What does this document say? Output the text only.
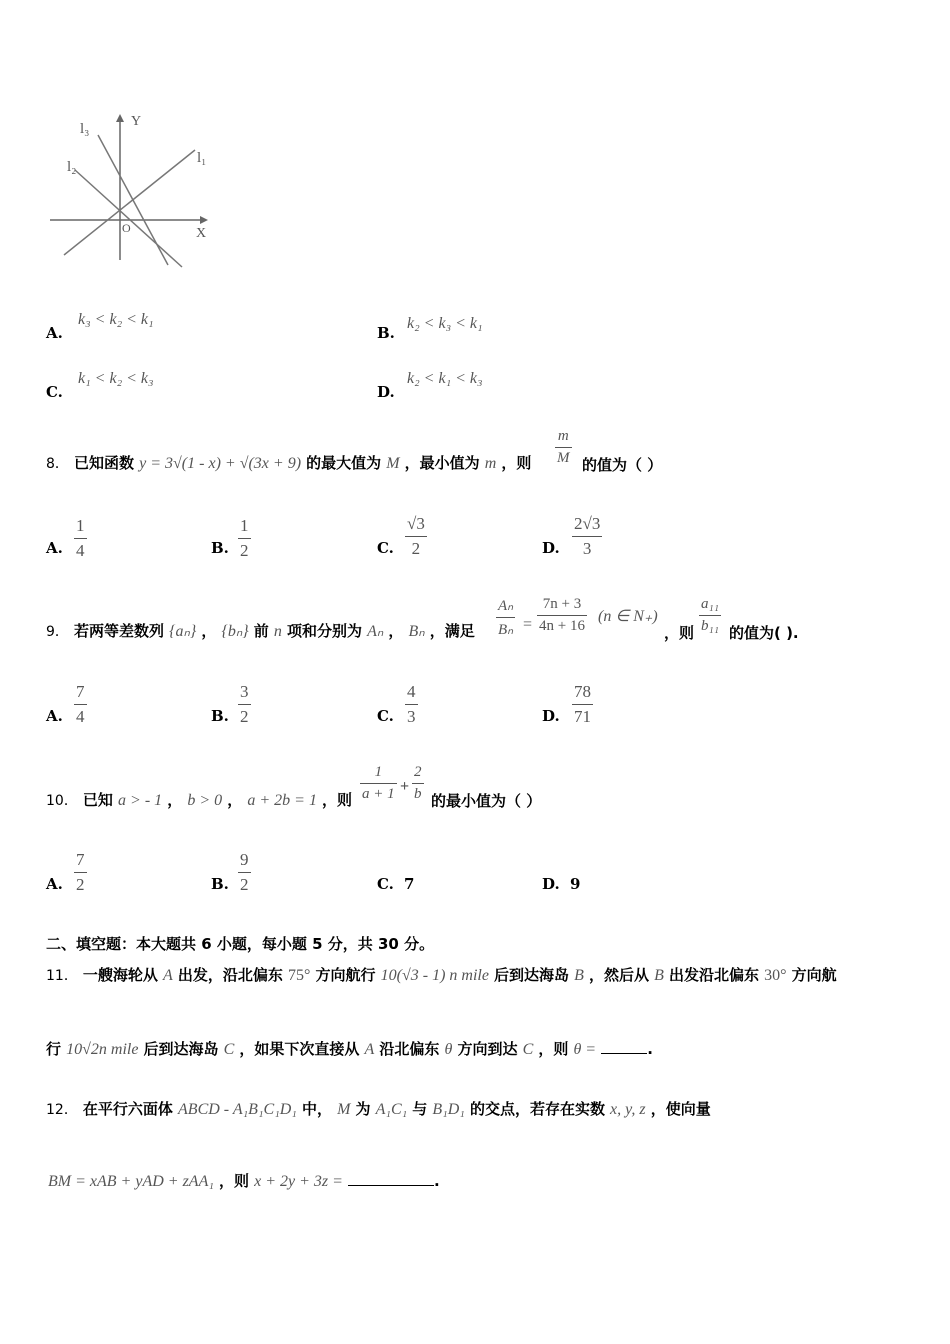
Y
X
O
l₃
l₂
l₁
A.
k₃ < k₂ < k₁
B.
k₂ < k₃ < k₁
C.
k₁ < k₂ < k₃
D.
k₂ < k₁ < k₃
8． 已知函数 y = 3√(1 - x) + √(3x + 9) 的最大值为 M ，最小值为 m ，则
m
M 的值为（ ）
A.
1
4	B.
1
2	C.
√3
2	D.
2√3
3
9． 若两等差数列 {aₙ} ， {bₙ} 前 n 项和分别为 Aₙ ， Bₙ ，满足
Aₙ
Bₙ =
7n + 3
4n + 16
(n ∈ N₊)
，则
a₁₁
b₁₁ 的值为( ).
A.
7
4	B.
3
2	C.
4
3	D.
78
71
10． 已知 a > - 1 ， b > 0 ， a + 2b = 1 ，则
1
a + 1 +
2
b 的最小值为（ ）
A.
7
2	B.
9
2	C. 7	D. 9
二、填空题：本大题共 6 小题，每小题 5 分，共 30 分。
11． 一艘海轮从 A 出发，沿北偏东 75° 方向航行 10(√3 - 1) n mile 后到达海岛 B ，然后从 B 出发沿北偏东 30° 方向航
行 10√2n mile 后到达海岛 C ，如果下次直接从 A 沿北偏东 θ 方向到达 C ，则 θ =	.
12． 在平行六面体 ABCD - A₁B₁C₁D₁ 中， M 为 A₁C₁ 与 B₁D₁ 的交点，若存在实数 x, y, z ，使向量
BM = xAB + yAD + zAA₁ ，则 x + 2y + 3z =	.
